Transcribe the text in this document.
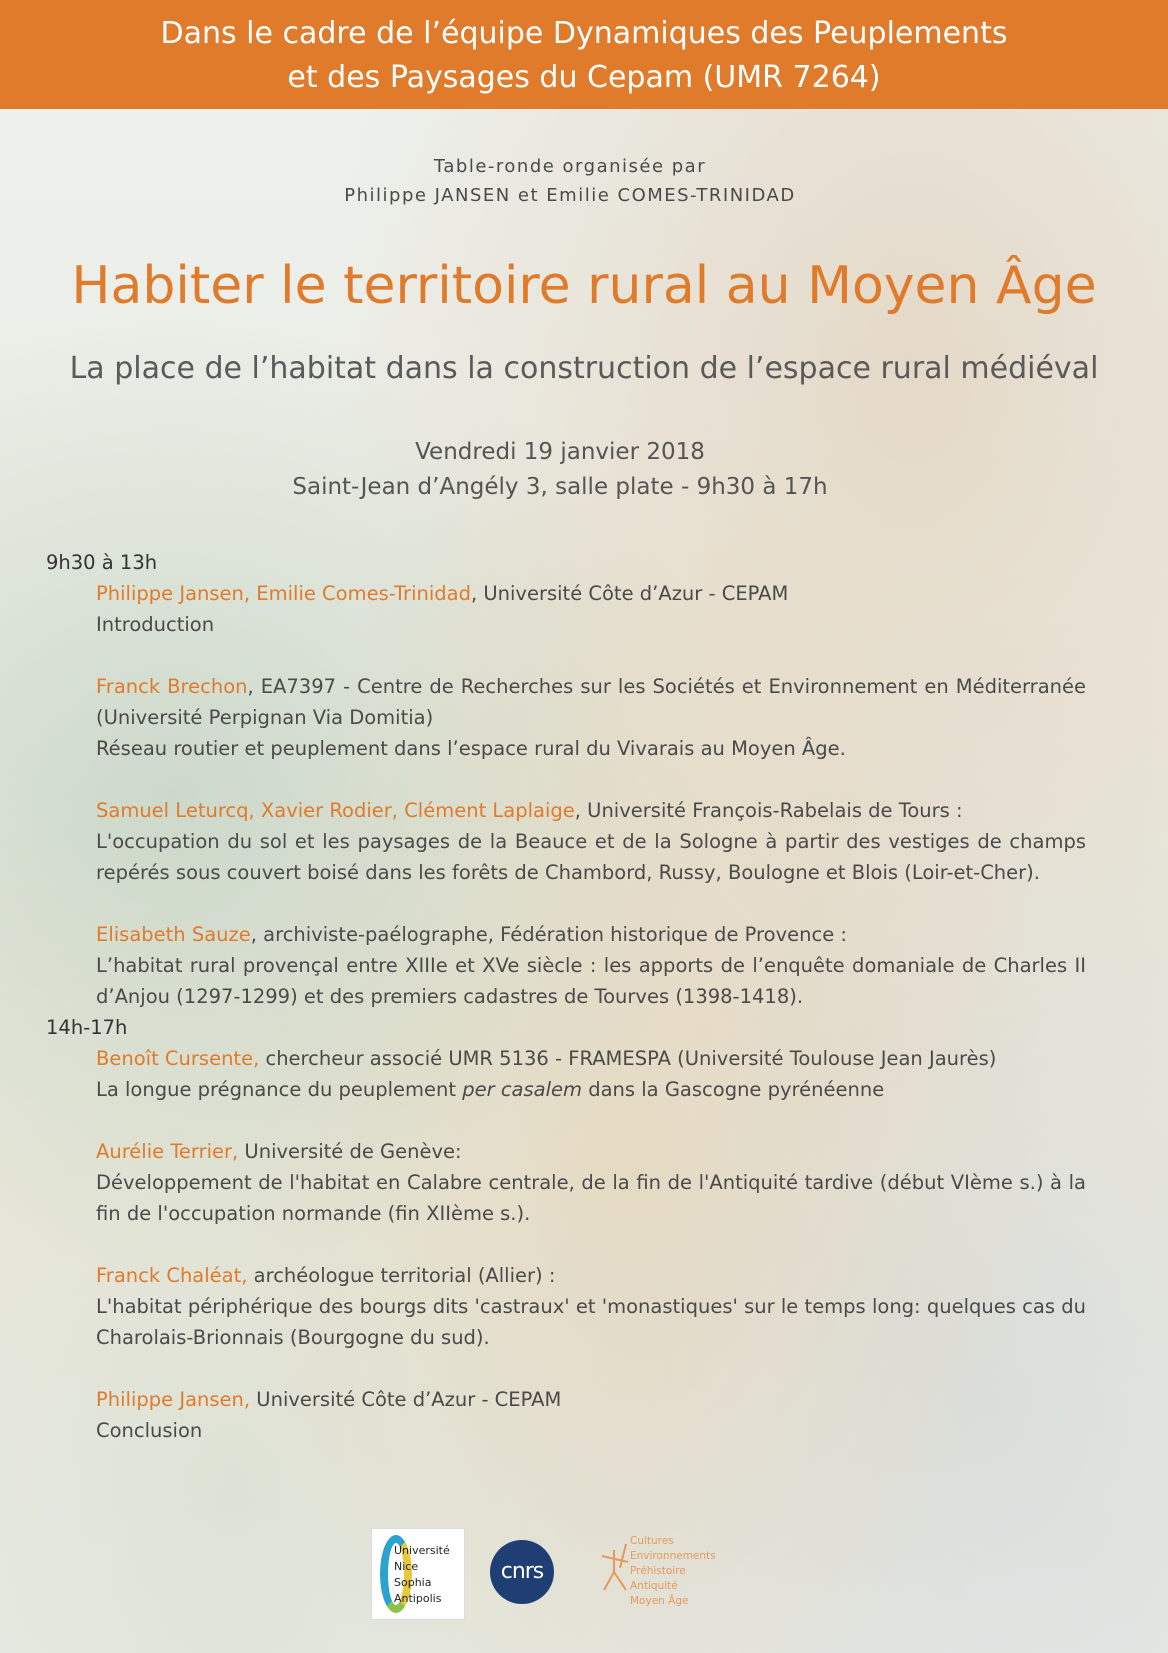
Dans le cadre de l’équipe Dynamiques des Peuplements
et des Paysages du Cepam (UMR 7264)
Table-ronde organisée par
Philippe JANSEN et Emilie COMES-TRINIDAD
Habiter le territoire rural au Moyen Âge
La place de l’habitat dans la construction de l’espace rural médiéval
Vendredi 19 janvier 2018
Saint-Jean d’Angély 3, salle plate - 9h30 à 17h
9h30 à 13h
Philippe Jansen, Emilie Comes-Trinidad, Université Côte d’Azur - CEPAM
Introduction
Franck Brechon, EA7397 - Centre de Recherches sur les Sociétés et Environnement en Méditerranée (Université Perpignan Via Domitia)
Réseau routier et peuplement dans l’espace rural du Vivarais au Moyen Âge.
Samuel Leturcq, Xavier Rodier, Clément Laplaige, Université François-Rabelais de Tours :
L'occupation du sol et les paysages de la Beauce et de la Sologne à partir des vestiges de champs repérés sous couvert boisé dans les forêts de Chambord, Russy, Boulogne et Blois (Loir-et-Cher).
Elisabeth Sauze, archiviste-paélographe, Fédération historique de Provence :
L’habitat rural provençal entre XIIIe et XVe siècle : les apports de l’enquête domaniale de Charles II d’Anjou (1297-1299) et des premiers cadastres de Tourves (1398-1418).
14h-17h
Benoît Cursente, chercheur associé UMR 5136 - FRAMESPA (Université Toulouse Jean Jaurès)
La longue prégnance du peuplement per casalem dans la Gascogne pyrénéenne
Aurélie Terrier, Université de Genève:
Développement de l'habitat en Calabre centrale, de la fin de l'Antiquité tardive (début VIème s.) à la fin de l'occupation normande (fin XIIème s.).
Franck Chaléat, archéologue territorial (Allier) :
L'habitat périphérique des bourgs dits 'castraux' et 'monastiques' sur le temps long: quelques cas du Charolais-Brionnais (Bourgogne du sud).
Philippe Jansen, Université Côte d’Azur - CEPAM
Conclusion
Université
Nice
Sophia Antipolis
cnrs
Cultures
Environnements
Préhistoire
Antiquité
Moyen Âge
